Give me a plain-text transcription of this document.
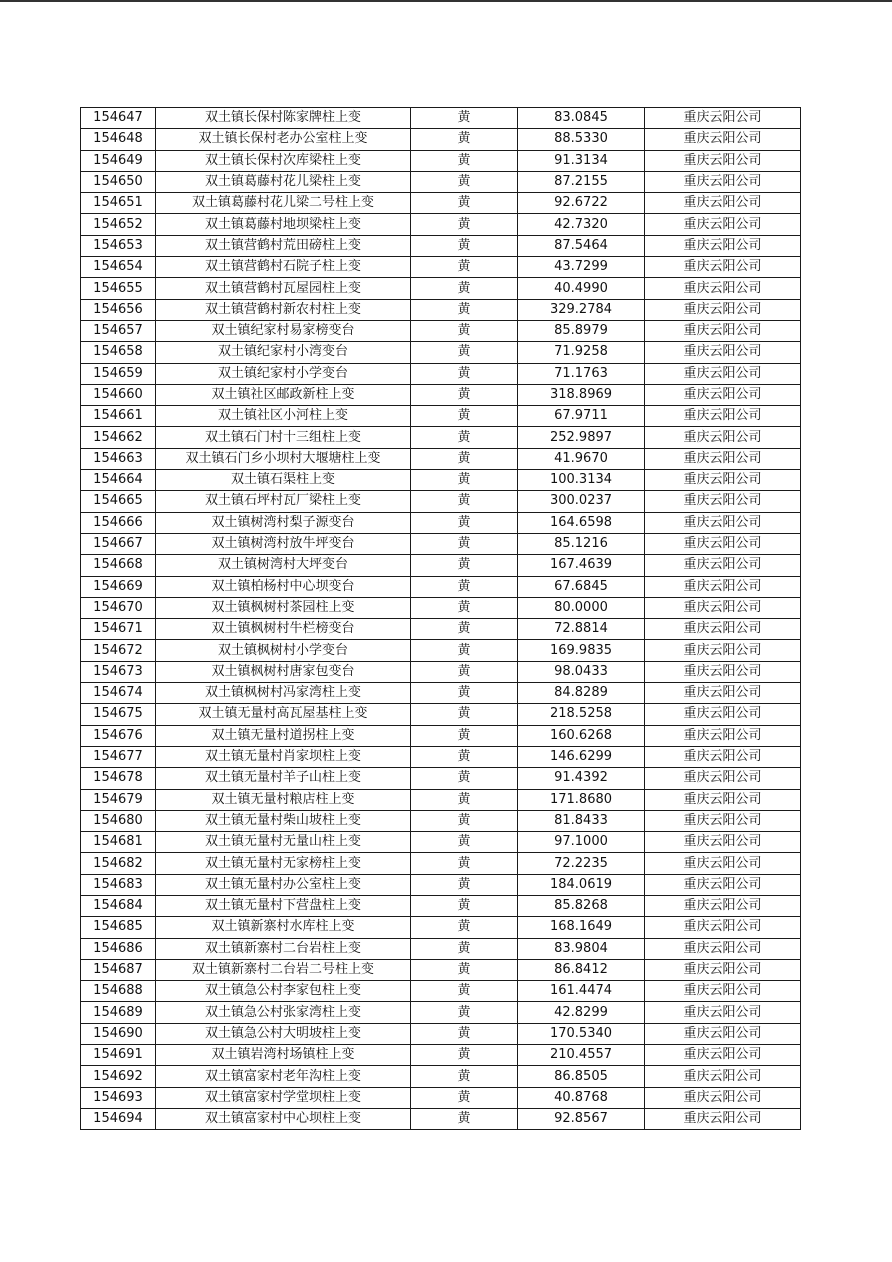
154647	双土镇长保村陈家牌柱上变	黄	83.0845	重庆云阳公司
154648	双土镇长保村老办公室柱上变	黄	88.5330	重庆云阳公司
154649	双土镇长保村次库梁柱上变	黄	91.3134	重庆云阳公司
154650	双土镇葛藤村花儿梁柱上变	黄	87.2155	重庆云阳公司
154651	双土镇葛藤村花儿梁二号柱上变	黄	92.6722	重庆云阳公司
154652	双土镇葛藤村地坝梁柱上变	黄	42.7320	重庆云阳公司
154653	双土镇营鹤村荒田磅柱上变	黄	87.5464	重庆云阳公司
154654	双土镇营鹤村石院子柱上变	黄	43.7299	重庆云阳公司
154655	双土镇营鹤村瓦屋园柱上变	黄	40.4990	重庆云阳公司
154656	双土镇营鹤村新农村柱上变	黄	329.2784	重庆云阳公司
154657	双土镇纪家村易家榜变台	黄	85.8979	重庆云阳公司
154658	双土镇纪家村小湾变台	黄	71.9258	重庆云阳公司
154659	双土镇纪家村小学变台	黄	71.1763	重庆云阳公司
154660	双土镇社区邮政新柱上变	黄	318.8969	重庆云阳公司
154661	双土镇社区小河柱上变	黄	67.9711	重庆云阳公司
154662	双土镇石门村十三组柱上变	黄	252.9897	重庆云阳公司
154663	双土镇石门乡小坝村大堰塘柱上变	黄	41.9670	重庆云阳公司
154664	双土镇石渠柱上变	黄	100.3134	重庆云阳公司
154665	双土镇石坪村瓦厂梁柱上变	黄	300.0237	重庆云阳公司
154666	双土镇树湾村梨子源变台	黄	164.6598	重庆云阳公司
154667	双土镇树湾村放牛坪变台	黄	85.1216	重庆云阳公司
154668	双土镇树湾村大坪变台	黄	167.4639	重庆云阳公司
154669	双土镇柏杨村中心坝变台	黄	67.6845	重庆云阳公司
154670	双土镇枫树村茶园柱上变	黄	80.0000	重庆云阳公司
154671	双土镇枫树村牛栏榜变台	黄	72.8814	重庆云阳公司
154672	双土镇枫树村小学变台	黄	169.9835	重庆云阳公司
154673	双土镇枫树村唐家包变台	黄	98.0433	重庆云阳公司
154674	双土镇枫树村冯家湾柱上变	黄	84.8289	重庆云阳公司
154675	双土镇无量村高瓦屋基柱上变	黄	218.5258	重庆云阳公司
154676	双土镇无量村道拐柱上变	黄	160.6268	重庆云阳公司
154677	双土镇无量村肖家坝柱上变	黄	146.6299	重庆云阳公司
154678	双土镇无量村羊子山柱上变	黄	91.4392	重庆云阳公司
154679	双土镇无量村粮店柱上变	黄	171.8680	重庆云阳公司
154680	双土镇无量村柴山坡柱上变	黄	81.8433	重庆云阳公司
154681	双土镇无量村无量山柱上变	黄	97.1000	重庆云阳公司
154682	双土镇无量村无家榜柱上变	黄	72.2235	重庆云阳公司
154683	双土镇无量村办公室柱上变	黄	184.0619	重庆云阳公司
154684	双土镇无量村下营盘柱上变	黄	85.8268	重庆云阳公司
154685	双土镇新寨村水库柱上变	黄	168.1649	重庆云阳公司
154686	双土镇新寨村二台岩柱上变	黄	83.9804	重庆云阳公司
154687	双土镇新寨村二台岩二号柱上变	黄	86.8412	重庆云阳公司
154688	双土镇急公村李家包柱上变	黄	161.4474	重庆云阳公司
154689	双土镇急公村张家湾柱上变	黄	42.8299	重庆云阳公司
154690	双土镇急公村大明坡柱上变	黄	170.5340	重庆云阳公司
154691	双土镇岩湾村场镇柱上变	黄	210.4557	重庆云阳公司
154692	双土镇富家村老年沟柱上变	黄	86.8505	重庆云阳公司
154693	双土镇富家村学堂坝柱上变	黄	40.8768	重庆云阳公司
154694	双土镇富家村中心坝柱上变	黄	92.8567	重庆云阳公司
